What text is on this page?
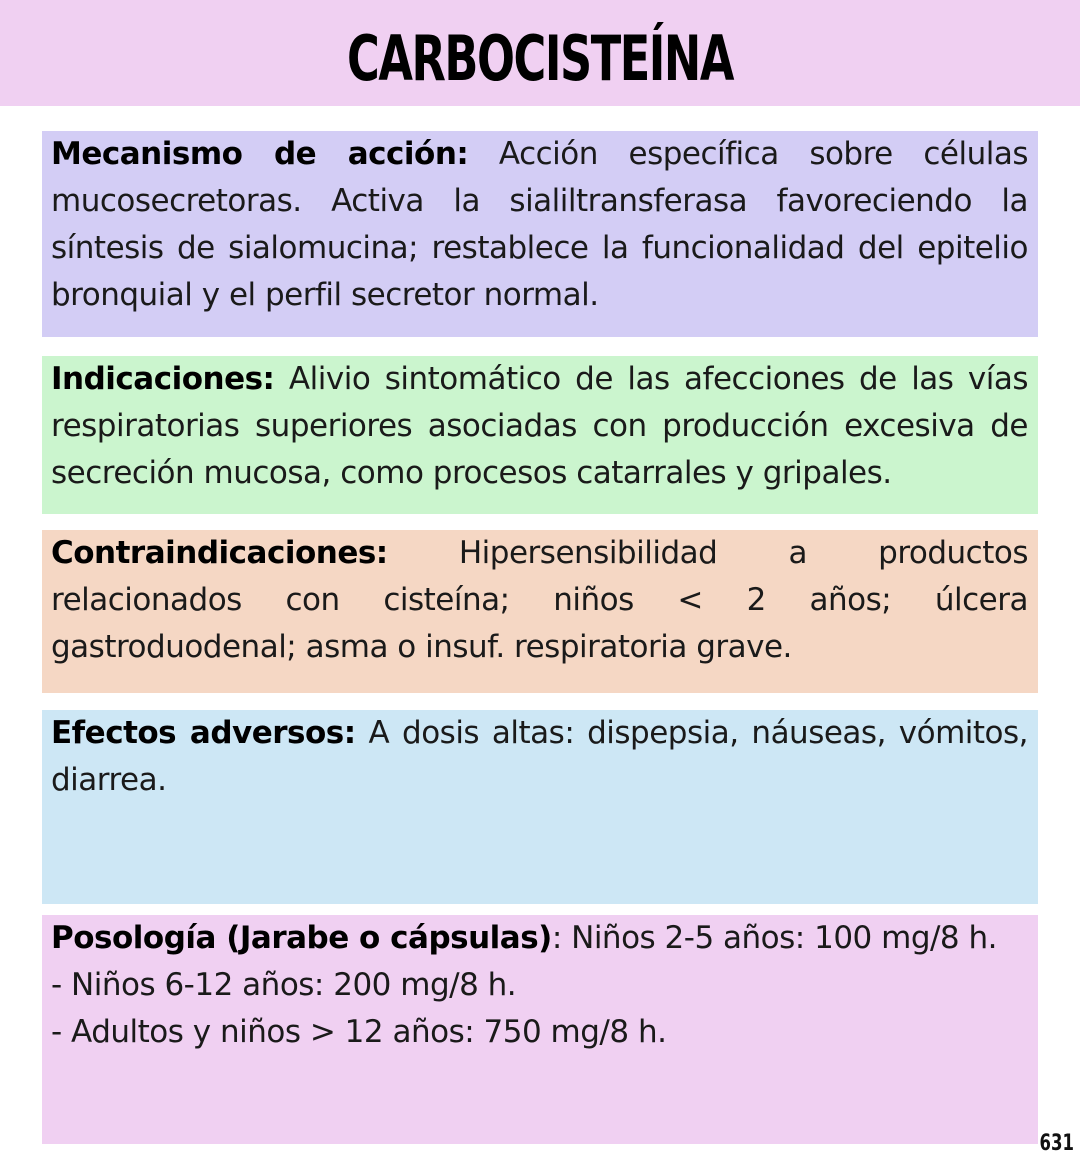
CARBOCISTEÍNA

Mecanismo de acción: Acción específica sobre células mucosecretoras. Activa la sialiltransferasa favoreciendo la síntesis de sialomucina; restablece la funcionalidad del epitelio bronquial y el perfil secretor normal.

Indicaciones: Alivio sintomático de las afecciones de las vías respiratorias superiores asociadas con producción excesiva de secreción mucosa, como procesos catarrales y gripales.

Contraindicaciones: Hipersensibilidad a productos relacionados con cisteína; niños < 2 años; úlcera gastroduodenal; asma o insuf. respiratoria grave.

Efectos adversos: A dosis altas: dispepsia, náuseas, vómitos, diarrea.

Posología (Jarabe o cápsulas): Niños 2-5 años: 100 mg/8 h.
- Niños 6-12 años: 200 mg/8 h.
- Adultos y niños > 12 años: 750 mg/8 h.

631
